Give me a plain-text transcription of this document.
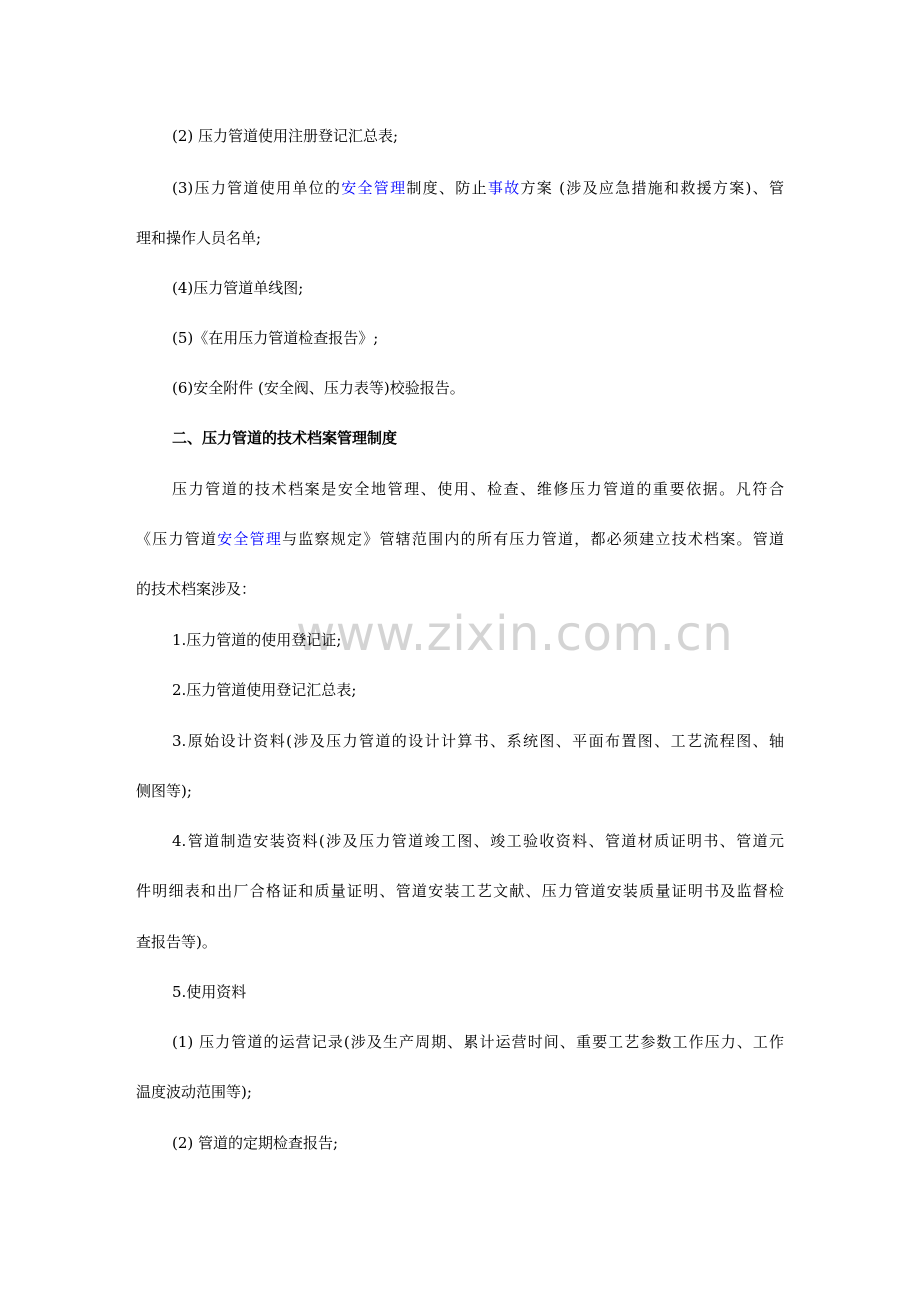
www.zixin.com.cn
(2) 压力管道使用注册登记汇总表;
(3)压力管道使用单位的安全管理制度、防止事故方案 (涉及应急措施和救援方案)、管
理和操作人员名单;
(4)压力管道单线图;
(5)《在用压力管道检查报告》;
(6)安全附件 (安全阀、压力表等)校验报告。
二、压力管道的技术档案管理制度
压力管道的技术档案是安全地管理、使用、检查、维修压力管道的重要依据。凡符合
《压力管道安全管理与监察规定》管辖范围内的所有压力管道，都必须建立技术档案。管道
的技术档案涉及：
1.压力管道的使用登记证;
2.压力管道使用登记汇总表;
3.原始设计资料(涉及压力管道的设计计算书、系统图、平面布置图、工艺流程图、轴
侧图等);
4.管道制造安装资料(涉及压力管道竣工图、竣工验收资料、管道材质证明书、管道元
件明细表和出厂合格证和质量证明、管道安装工艺文献、压力管道安装质量证明书及监督检
查报告等)。
5.使用资料
(1) 压力管道的运营记录(涉及生产周期、累计运营时间、重要工艺参数工作压力、工作
温度波动范围等);
(2) 管道的定期检查报告;
